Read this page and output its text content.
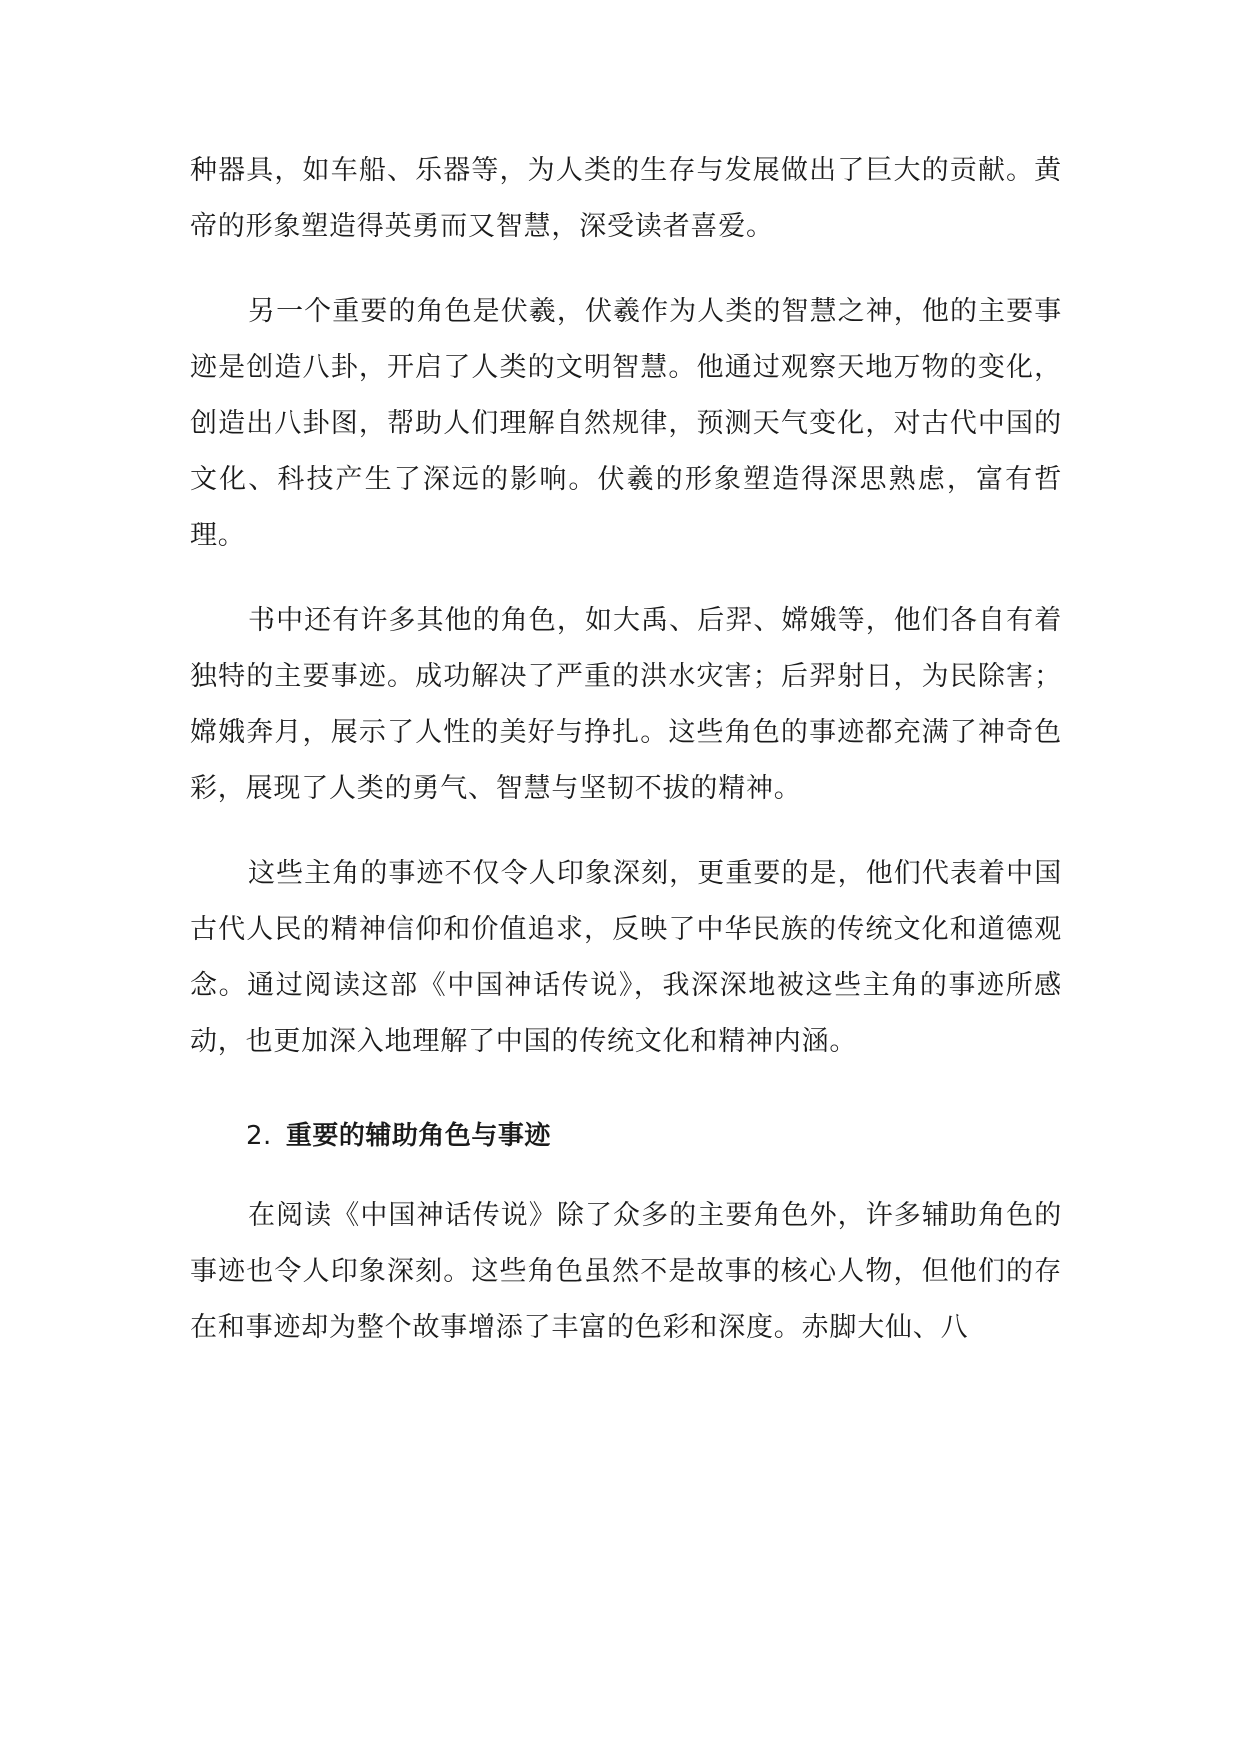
种器具，如车船、乐器等，为人类的生存与发展做出了巨大的贡献。黄帝的形象塑造得英勇而又智慧，深受读者喜爱。

另一个重要的角色是伏羲，伏羲作为人类的智慧之神，他的主要事迹是创造八卦，开启了人类的文明智慧。他通过观察天地万物的变化，创造出八卦图，帮助人们理解自然规律，预测天气变化，对古代中国的文化、科技产生了深远的影响。伏羲的形象塑造得深思熟虑，富有哲理。

书中还有许多其他的角色，如大禹、后羿、嫦娥等，他们各自有着独特的主要事迹。成功解决了严重的洪水灾害；后羿射日，为民除害；嫦娥奔月，展示了人性的美好与挣扎。这些角色的事迹都充满了神奇色彩，展现了人类的勇气、智慧与坚韧不拔的精神。

这些主角的事迹不仅令人印象深刻，更重要的是，他们代表着中国古代人民的精神信仰和价值追求，反映了中华民族的传统文化和道德观念。通过阅读这部《中国神话传说》，我深深地被这些主角的事迹所感动，也更加深入地理解了中国的传统文化和精神内涵。

2. 重要的辅助角色与事迹

在阅读《中国神话传说》除了众多的主要角色外，许多辅助角色的事迹也令人印象深刻。这些角色虽然不是故事的核心人物，但他们的存在和事迹却为整个故事增添了丰富的色彩和深度。赤脚大仙、八
